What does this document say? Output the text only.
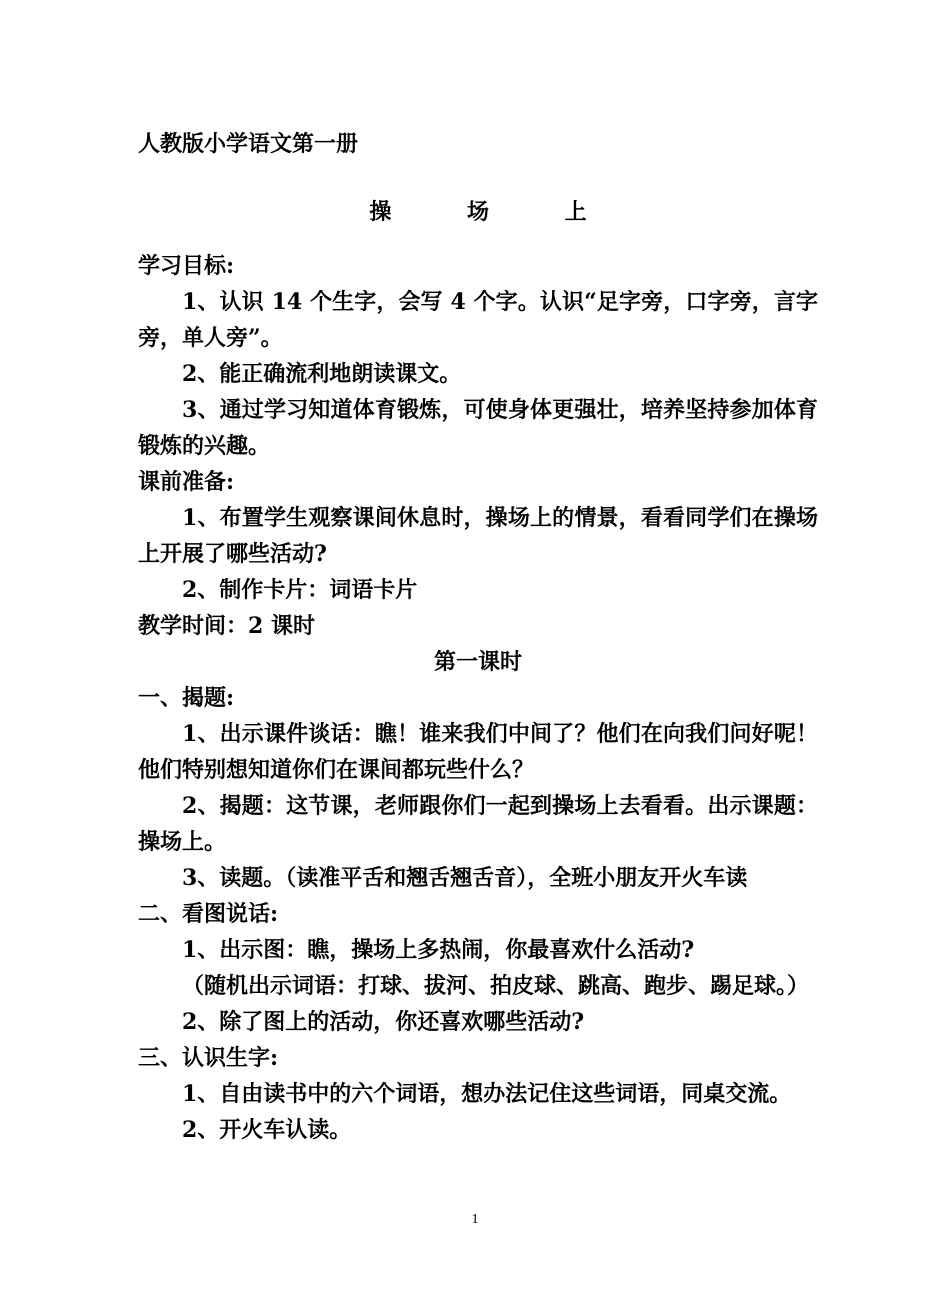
人教版小学语文第一册
操 场 上
学习目标:
1、认识 14 个生字，会写 4 个字。认识“足字旁，口字旁，言字旁，单人旁”。
2、能正确流利地朗读课文。
3、通过学习知道体育锻炼，可使身体更强壮，培养坚持参加体育锻炼的兴趣。
课前准备:
1、布置学生观察课间休息时，操场上的情景，看看同学们在操场上开展了哪些活动?
2、制作卡片：词语卡片
教学时间：2 课时
第一课时
一、揭题:
1、出示课件谈话：瞧！谁来我们中间了？他们在向我们问好呢！他们特别想知道你们在课间都玩些什么？
2、揭题：这节课，老师跟你们一起到操场上去看看。出示课题：操场上。
3、读题。（读准平舌和翘舌翘舌音），全班小朋友开火车读
二、看图说话:
1、出示图：瞧，操场上多热闹，你最喜欢什么活动?
（随机出示词语：打球、拔河、拍皮球、跳高、跑步、踢足球。）
2、除了图上的活动，你还喜欢哪些活动?
三、认识生字:
1、自由读书中的六个词语，想办法记住这些词语，同桌交流。
2、开火车认读。
1
